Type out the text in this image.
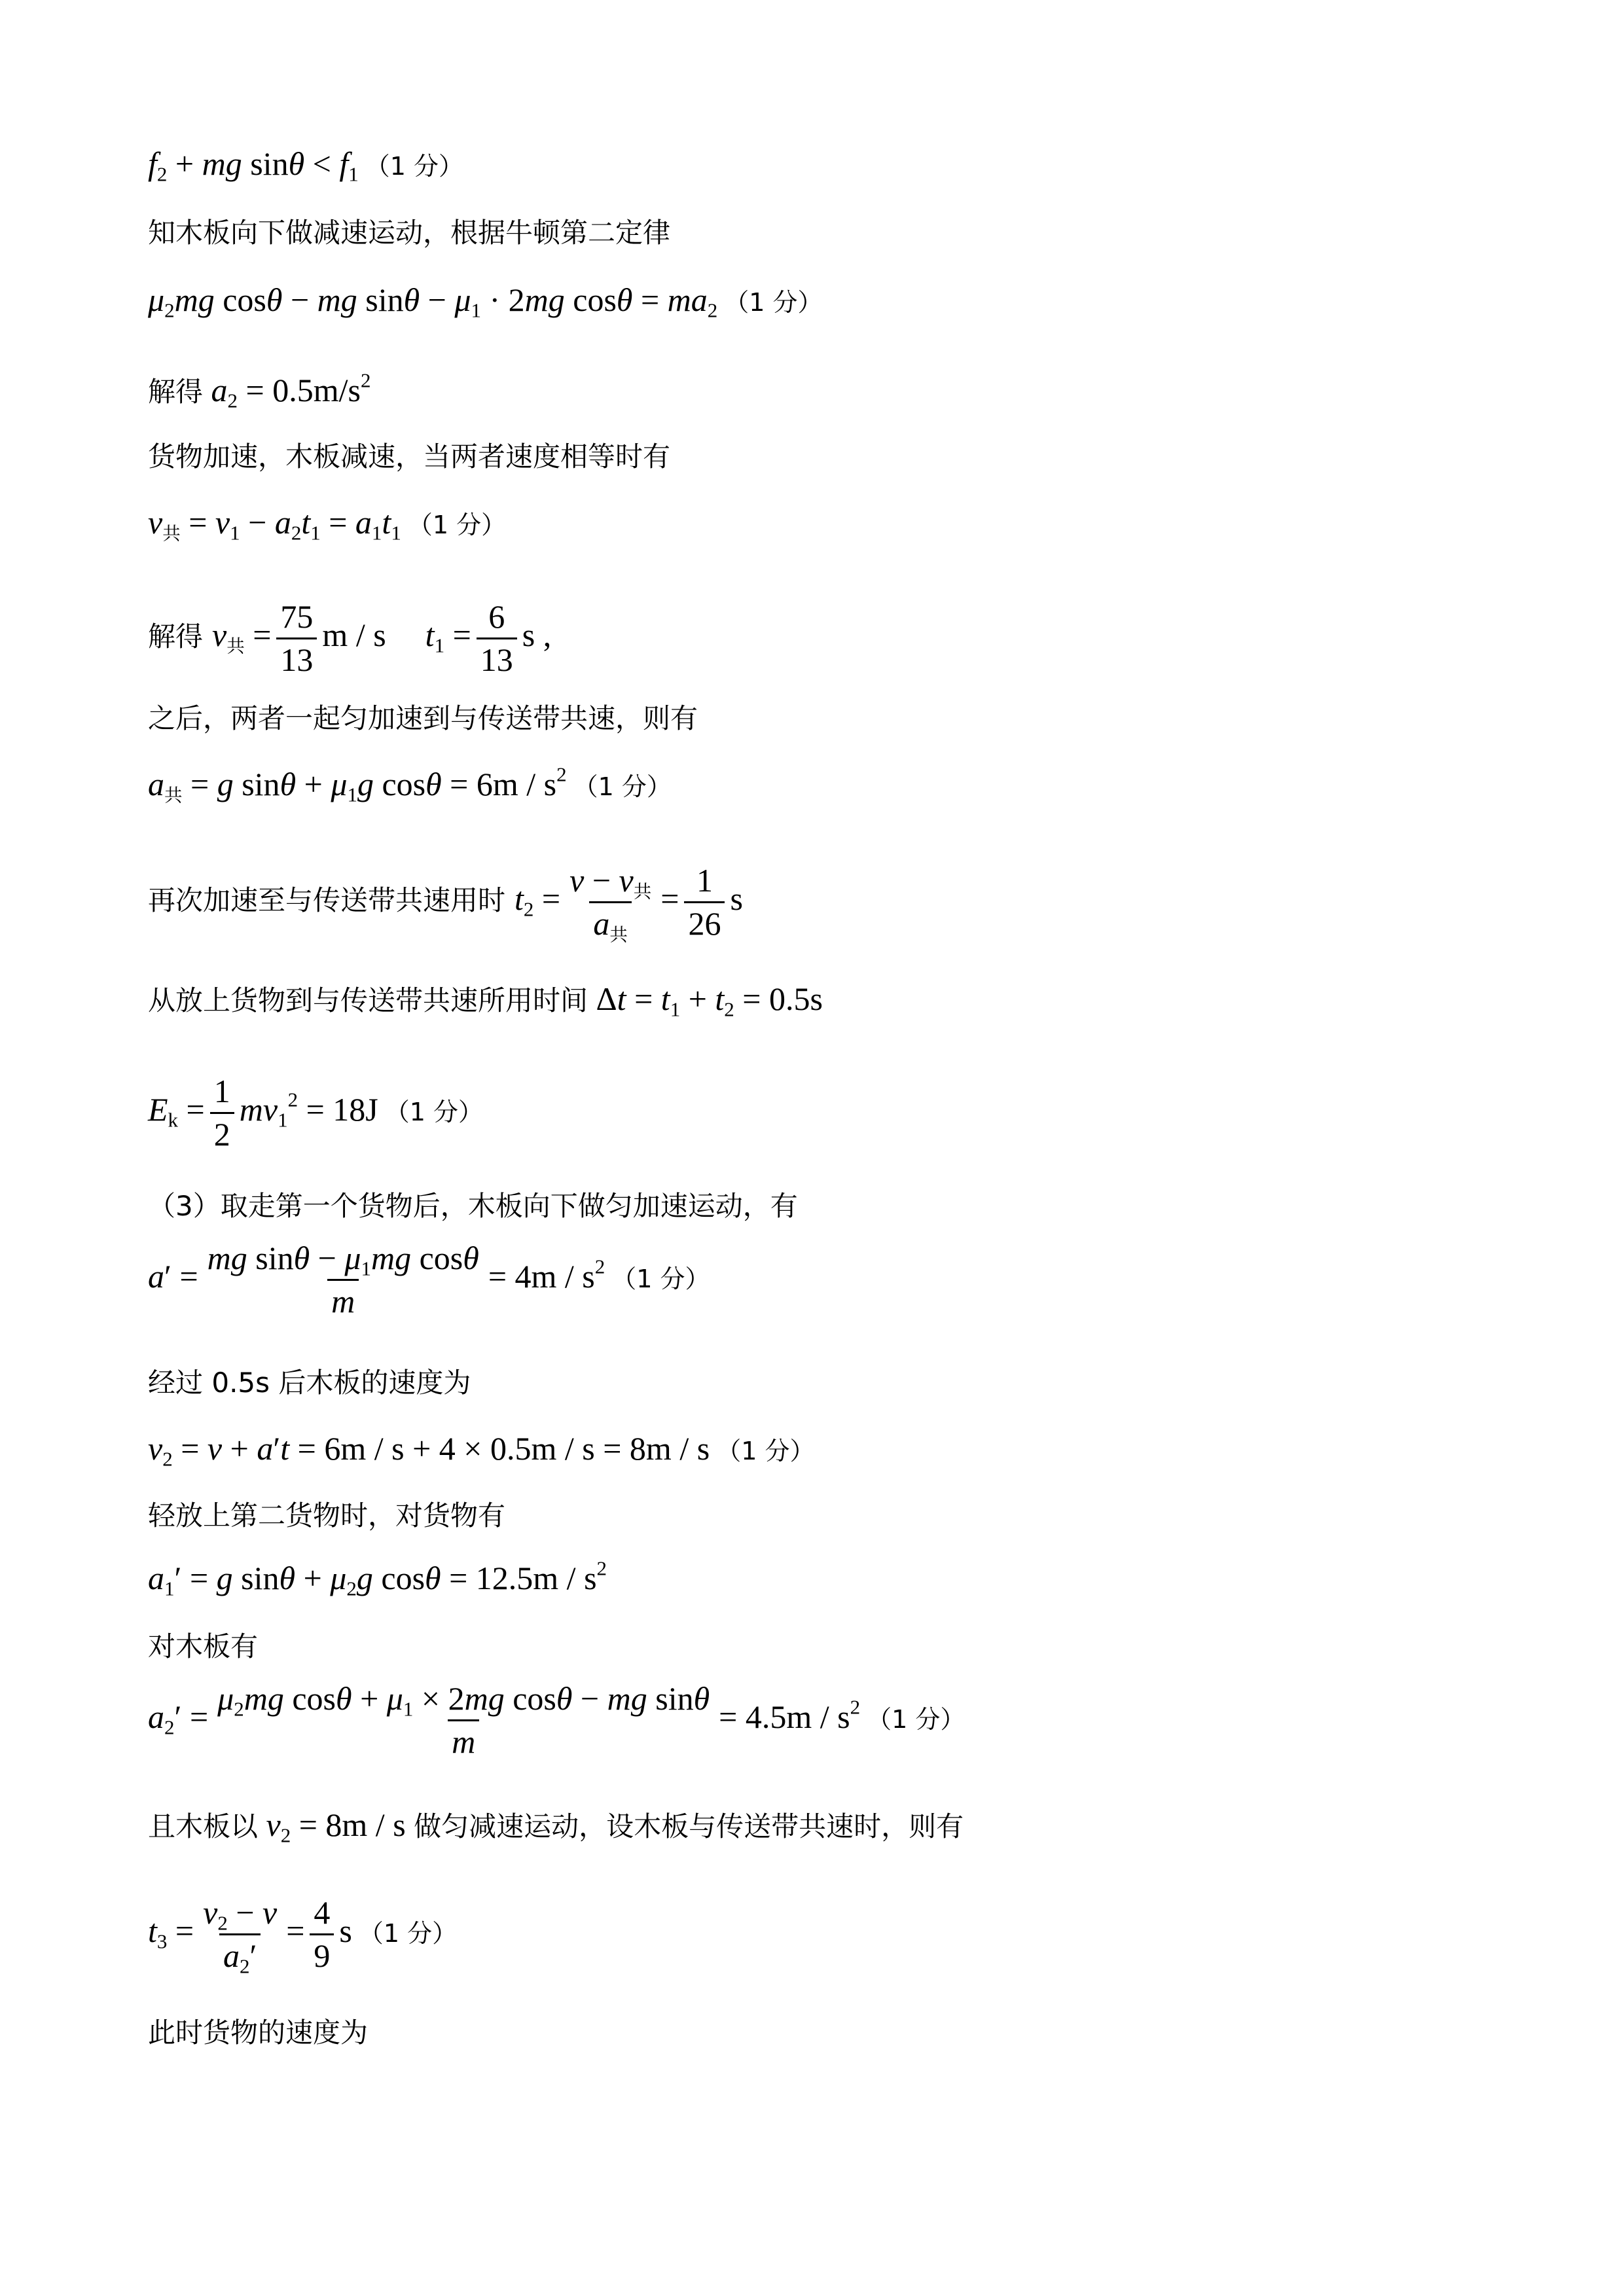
$f_2$ + mg $\sin\theta < f_1$ （1 分）
知木板向下做减速运动，根据牛顿第二定律
$\mu_2mg$ cosθ − mg $\sin\theta - \mu_1 \cdot 2mg$ $\cos\theta = ma_2$ （1 分）
解得 $a_2 = 0.5m/s^2$
货物加速，木板减速，当两者速度相等时有
v共 = $v_1 - a_2t_1 = a_1t_1$ （1 分）
解得 v共 = $\frac{75}{13}$ m / s $t_1 = \frac{6}{13}$ s ,
之后，两者一起匀加速到与传送带共速，则有
a共 = g $\sin\theta + \mu_1g$ $\cos\theta = 6m / s^2$ （1 分）
再次加速至与传送带共速用时 $t_2 = \frac{\text{v − v共}}{\text{a共}} = \frac{1}{26}$ s
从放上货物到与传送带共速所用时间 $\Delta t = t_1 + t_2 = 0.5s$
$E_k = \frac{1}{2} mv_1^2 = 18J$ （1 分）
（3）取走第一个货物后，木板向下做匀加速运动，有
$a' = \frac{mg \sin\theta - \mu_1mg \cos\theta}{m} = 4m / s^2$ （1 分）
经过 0.5s 后木板的速度为
$v_2 = v + a't = 6m / s + 4 \times 0.5m / s = 8m / s$ （1 分）
轻放上第二货物时，对货物有
$a_1' = g$ $\sin\theta + \mu_2g$ $\cos\theta = 12.5m / s^2$
对木板有
$a_2' = \frac{\mu_2mg \cos\theta + \mu_1 \times 2mg \cos\theta - mg \sin\theta}{m} = 4.5m / s^2$ （1 分）
且木板以 $v_2 = 8m / s$ 做匀减速运动，设木板与传送带共速时，则有
$t_3 = \frac{v_2 - v}{a_2'} = \frac{4}{9}$ s （1 分）
此时货物的速度为
